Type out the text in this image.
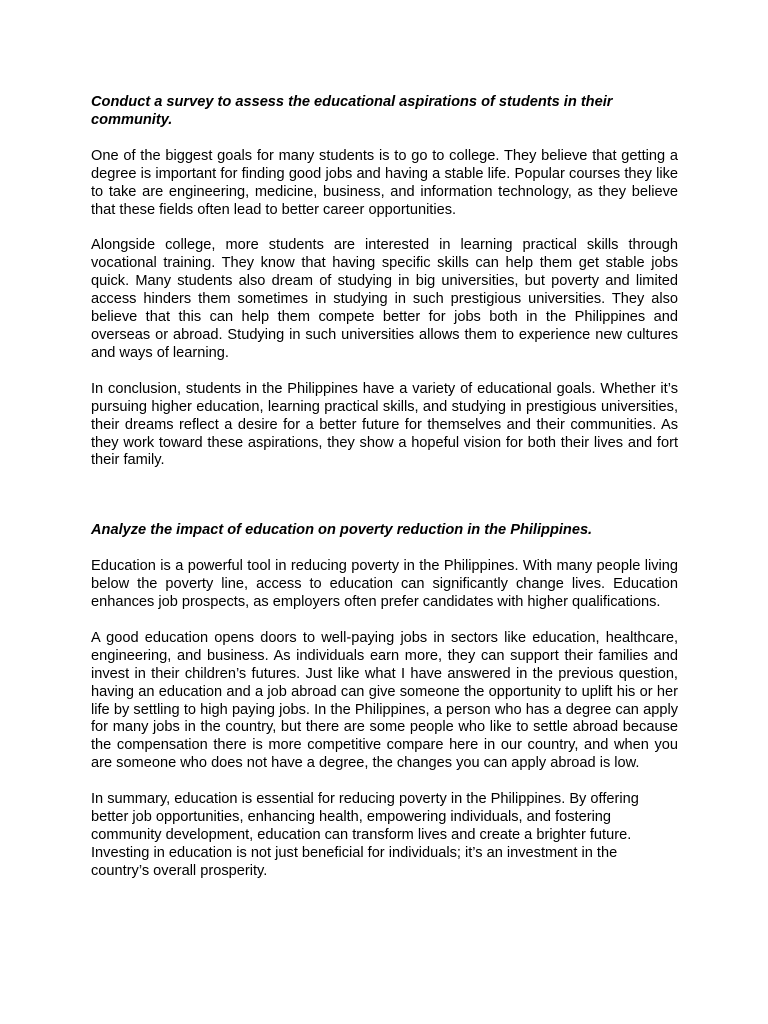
Conduct a survey to assess the educational aspirations of students in their community.

One of the biggest goals for many students is to go to college. They believe that getting a degree is important for finding good jobs and having a stable life. Popular courses they like to take are engineering, medicine, business, and information technology, as they believe that these fields often lead to better career opportunities.

Alongside college, more students are interested in learning practical skills through vocational training. They know that having specific skills can help them get stable jobs quick. Many students also dream of studying in big universities, but poverty and limited access hinders them sometimes in studying in such prestigious universities. They also believe that this can help them compete better for jobs both in the Philippines and overseas or abroad. Studying in such universities allows them to experience new cultures and ways of learning.

In conclusion, students in the Philippines have a variety of educational goals. Whether it’s pursuing higher education, learning practical skills, and studying in prestigious universities, their dreams reflect a desire for a better future for themselves and their communities. As they work toward these aspirations, they show a hopeful vision for both their lives and fort their family.

Analyze the impact of education on poverty reduction in the Philippines.

Education is a powerful tool in reducing poverty in the Philippines. With many people living below the poverty line, access to education can significantly change lives. Education enhances job prospects, as employers often prefer candidates with higher qualifications.

A good education opens doors to well-paying jobs in sectors like education, healthcare, engineering, and business. As individuals earn more, they can support their families and invest in their children’s futures. Just like what I have answered in the previous question, having an education and a job abroad can give someone the opportunity to uplift his or her life by settling to high paying jobs. In the Philippines, a person who has a degree can apply for many jobs in the country, but there are some people who like to settle abroad because the compensation there is more competitive compare here in our country, and when you are someone who does not have a degree, the changes you can apply abroad is low.

In summary, education is essential for reducing poverty in the Philippines. By offering better job opportunities, enhancing health, empowering individuals, and fostering community development, education can transform lives and create a brighter future. Investing in education is not just beneficial for individuals; it’s an investment in the country’s overall prosperity.
